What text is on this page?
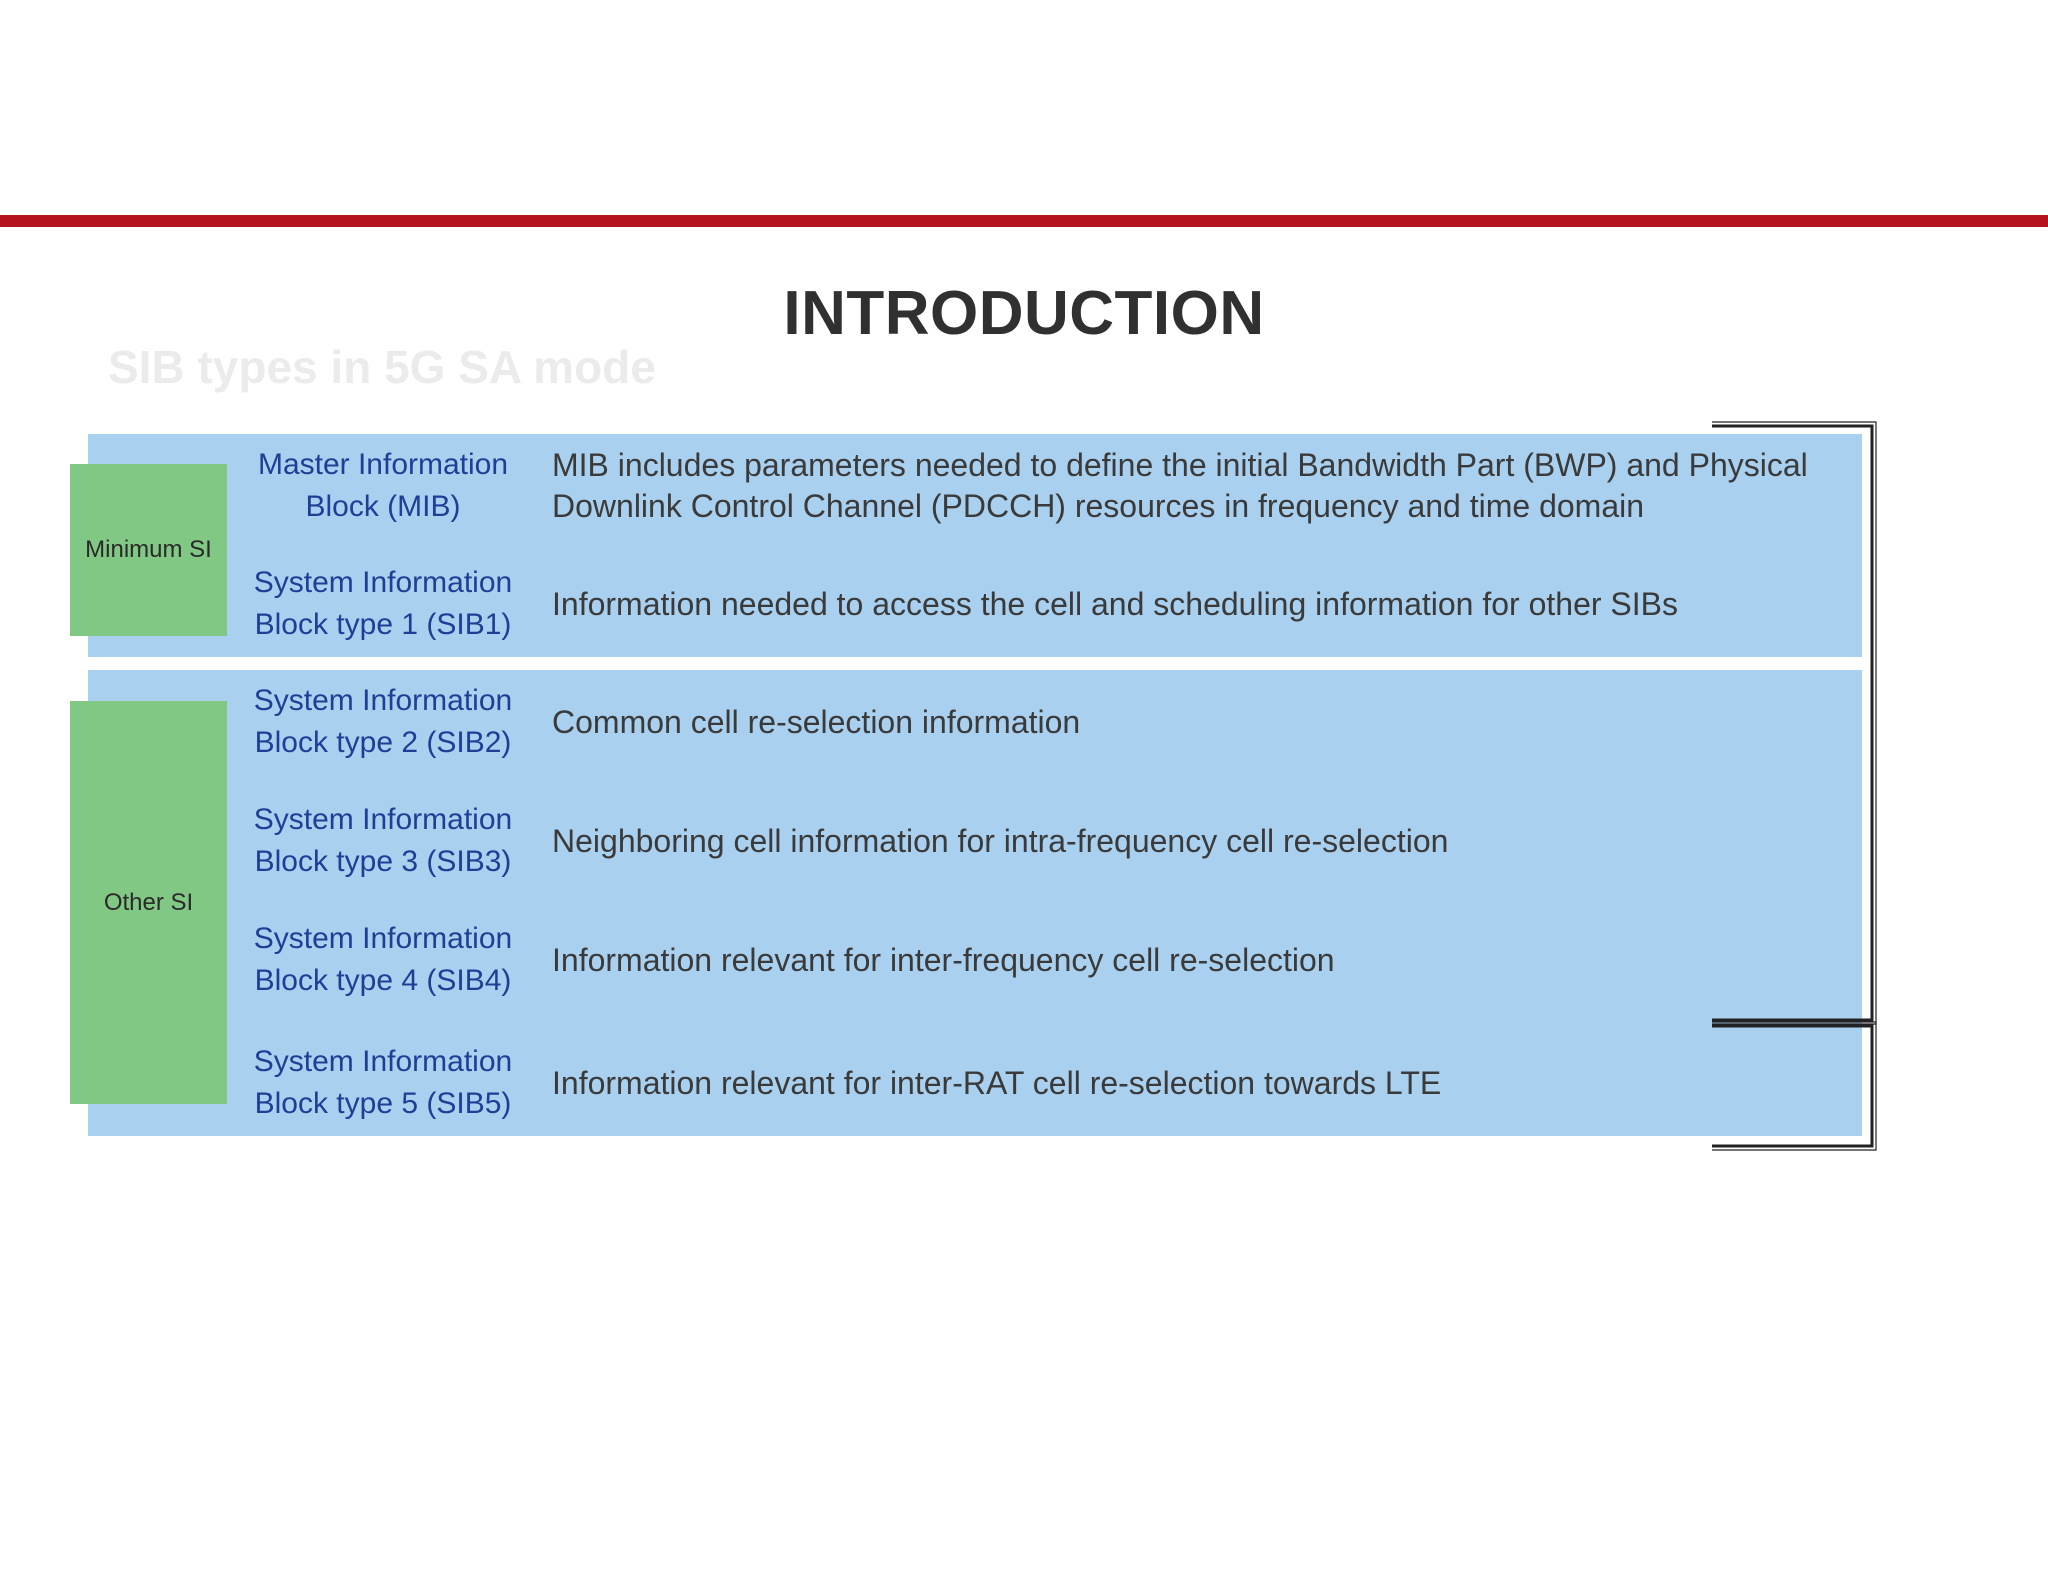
INTRODUCTION
SIB types in 5G SA mode
Master Information
Block (MIB)
MIB includes parameters needed to define the initial Bandwidth Part (BWP) and Physical Downlink Control Channel (PDCCH) resources in frequency and time domain
System Information
Block type 1 (SIB1)
Information needed to access the cell and scheduling information for other SIBs
System Information
Block type 2 (SIB2)
Common cell re-selection information
System Information
Block type 3 (SIB3)
Neighboring cell information for intra-frequency cell re-selection
System Information
Block type 4 (SIB4)
Information relevant for inter-frequency cell re-selection
System Information
Block type 5 (SIB5)
Information relevant for inter-RAT cell re-selection towards LTE
Minimum SI
Other SI
